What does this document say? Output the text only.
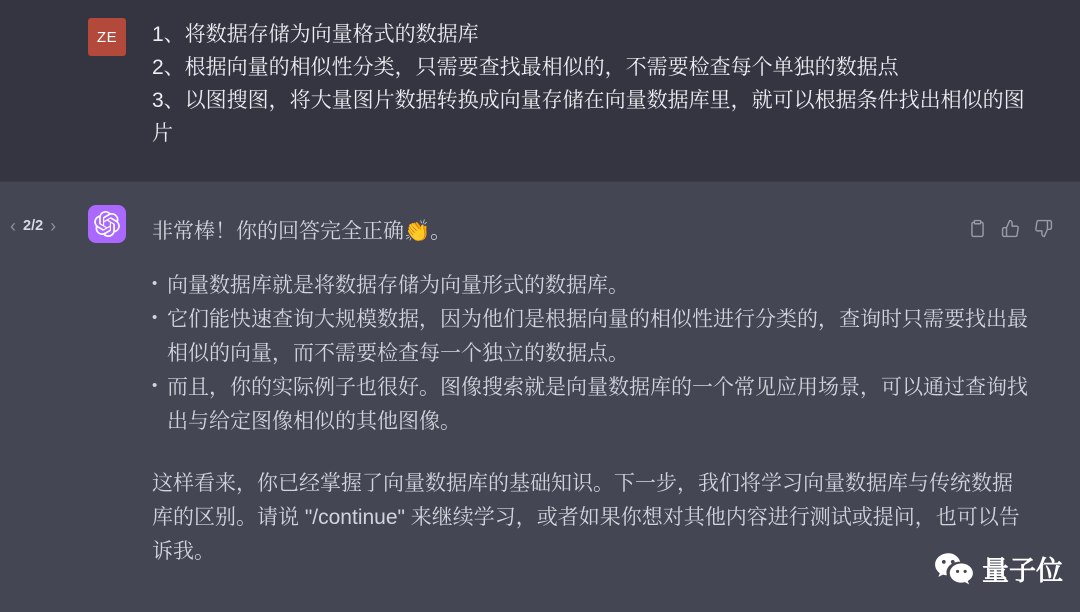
ZE 1、将数据存储为向量格式的数据库
2、根据向量的相似性分类，只需要查找最相似的，不需要检查每个单独的数据点
3、以图搜图，将大量图片数据转换成向量存储在向量数据库里，就可以根据条件找出相似的图片
‹ 2/2 ›	非常棒！你的回答完全正确👏。
• 向量数据库就是将数据存储为向量形式的数据库。
• 它们能快速查询大规模数据，因为他们是根据向量的相似性进行分类的，查询时只需要找出最相似的向量，而不需要检查每一个独立的数据点。
• 而且，你的实际例子也很好。图像搜索就是向量数据库的一个常见应用场景，可以通过查询找出与给定图像相似的其他图像。
这样看来，你已经掌握了向量数据库的基础知识。下一步，我们将学习向量数据库与传统数据库的区别。请说 "/continue" 来继续学习，或者如果你想对其他内容进行测试或提问，也可以告诉我。
量子位
